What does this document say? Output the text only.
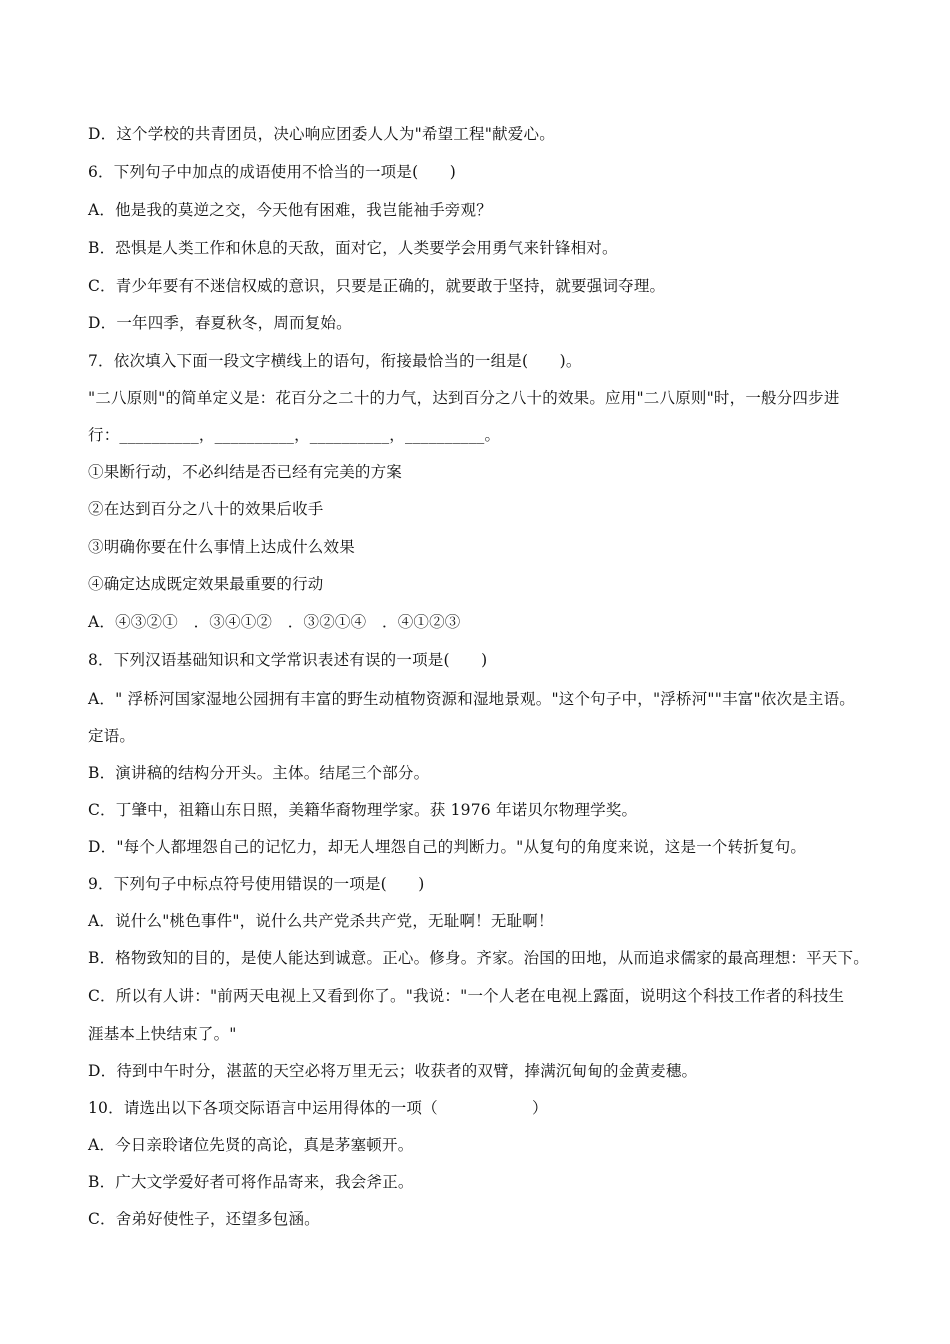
D．这个学校的共青团员，决心响应团委人人为"希望工程"献爱心。
6．下列句子中加点的成语使用不恰当的一项是(　　)
A．他是我的莫逆之交，今天他有困难，我岂能袖手旁观？
B．恐惧是人类工作和休息的天敌，面对它，人类要学会用勇气来针锋相对。
C．青少年要有不迷信权威的意识，只要是正确的，就要敢于坚持，就要强词夺理。
D．一年四季，春夏秋冬，周而复始。
7．依次填入下面一段文字横线上的语句，衔接最恰当的一组是(　　)。
"二八原则"的简单定义是：花百分之二十的力气，达到百分之八十的效果。应用"二八原则"时，一般分四步进
行：__________，__________，__________，__________。
①果断行动，不必纠结是否已经有完美的方案
②在达到百分之八十的效果后收手
③明确你要在什么事情上达成什么效果
④确定达成既定效果最重要的行动
A．④③②①　．③④①②　．③②①④　．④①②③
8．下列汉语基础知识和文学常识表述有误的一项是(　　)
A．" 浮桥河国家湿地公园拥有丰富的野生动植物资源和湿地景观。"这个句子中，"浮桥河""丰富"依次是主语。
定语。
B．演讲稿的结构分开头。主体。结尾三个部分。
C．丁肇中，祖籍山东日照，美籍华裔物理学家。获 1976 年诺贝尔物理学奖。
D．"每个人都埋怨自己的记忆力，却无人埋怨自己的判断力。"从复句的角度来说，这是一个转折复句。
9．下列句子中标点符号使用错误的一项是(　　)
A．说什么"桃色事件"，说什么共产党杀共产党，无耻啊！无耻啊！
B．格物致知的目的，是使人能达到诚意。正心。修身。齐家。治国的田地，从而追求儒家的最高理想：平天下。
C．所以有人讲："前两天电视上又看到你了。"我说："一个人老在电视上露面，说明这个科技工作者的科技生
涯基本上快结束了。"
D．待到中午时分，湛蓝的天空必将万里无云；收获者的双臂，捧满沉甸甸的金黄麦穗。
10．请选出以下各项交际语言中运用得体的一项（　　　　　　）
A．今日亲聆诸位先贤的高论，真是茅塞顿开。
B．广大文学爱好者可将作品寄来，我会斧正。
C．舍弟好使性子，还望多包涵。
